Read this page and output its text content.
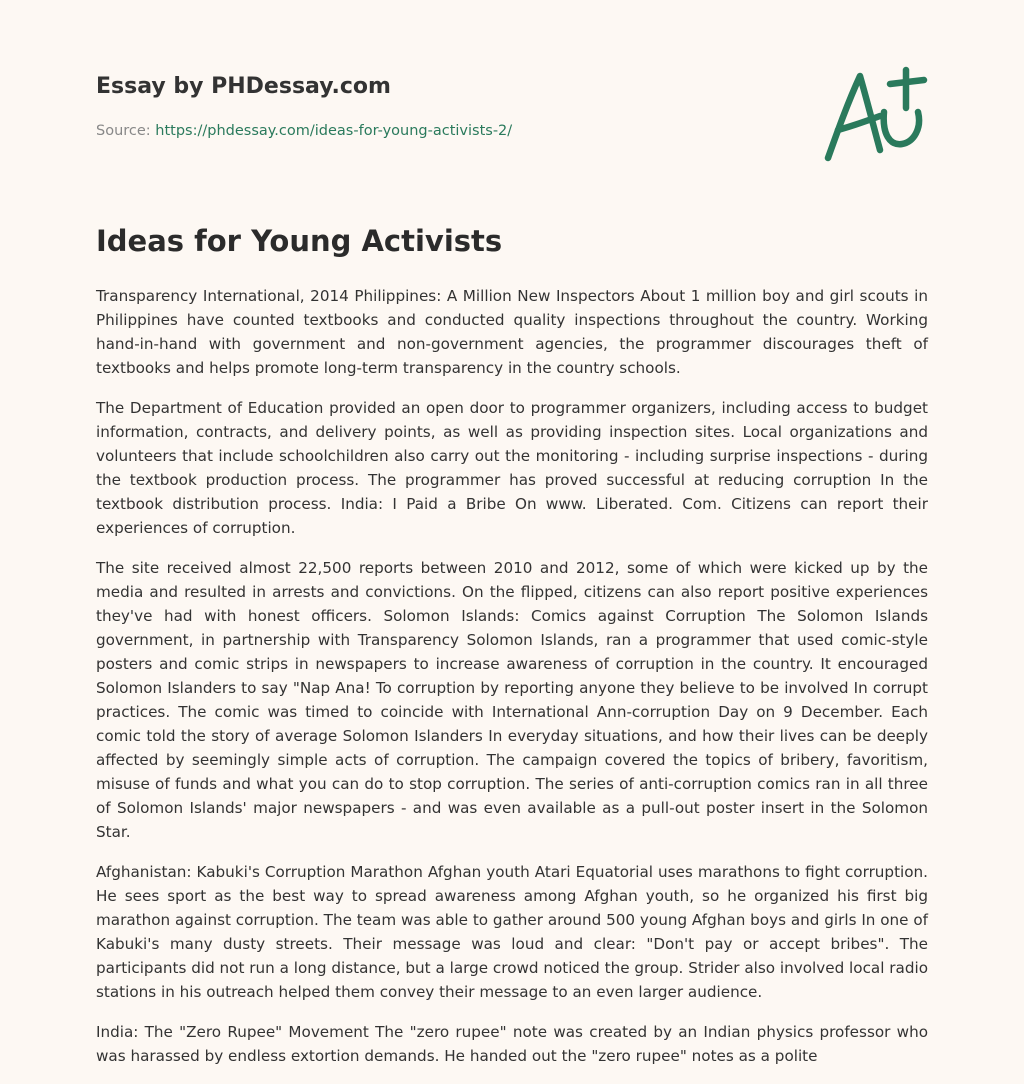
Essay by PHDessay.com
Source: https://phdessay.com/ideas-for-young-activists-2/
Ideas for Young Activists

Transparency International, 2014 Philippines: A Million New Inspectors About 1 million boy and girl scouts in Philippines have counted textbooks and conducted quality inspections throughout the country. Working hand-in-hand with government and non-government agencies, the programmer discourages theft of textbooks and helps promote long-term transparency in the country schools.

The Department of Education provided an open door to programmer organizers, including access to budget information, contracts, and delivery points, as well as providing inspection sites. Local organizations and volunteers that include schoolchildren also carry out the monitoring - including surprise inspections - during the textbook production process. The programmer has proved successful at reducing corruption In the textbook distribution process. India: I Paid a Bribe On www. Liberated. Com. Citizens can report their experiences of corruption.

The site received almost 22,500 reports between 2010 and 2012, some of which were kicked up by the media and resulted in arrests and convictions. On the flipped, citizens can also report positive experiences they've had with honest officers. Solomon Islands: Comics against Corruption The Solomon Islands government, in partnership with Transparency Solomon Islands, ran a programmer that used comic-style posters and comic strips in newspapers to increase awareness of corruption in the country. It encouraged Solomon Islanders to say "Nap Ana! To corruption by reporting anyone they believe to be involved In corrupt practices. The comic was timed to coincide with International Ann-corruption Day on 9 December. Each comic told the story of average Solomon Islanders In everyday situations, and how their lives can be deeply affected by seemingly simple acts of corruption. The campaign covered the topics of bribery, favoritism, misuse of funds and what you can do to stop corruption. The series of anti-corruption comics ran in all three of Solomon Islands' major newspapers - and was even available as a pull-out poster insert in the Solomon Star.

Afghanistan: Kabuki's Corruption Marathon Afghan youth Atari Equatorial uses marathons to fight corruption. He sees sport as the best way to spread awareness among Afghan youth, so he organized his first big marathon against corruption. The team was able to gather around 500 young Afghan boys and girls In one of Kabuki's many dusty streets. Their message was loud and clear: "Don't pay or accept bribes". The participants did not run a long distance, but a large crowd noticed the group. Strider also involved local radio stations in his outreach helped them convey their message to an even larger audience.

India: The "Zero Rupee" Movement The "zero rupee" note was created by an Indian physics professor who was harassed by endless extortion demands. He handed out the "zero rupee" notes as a polite
